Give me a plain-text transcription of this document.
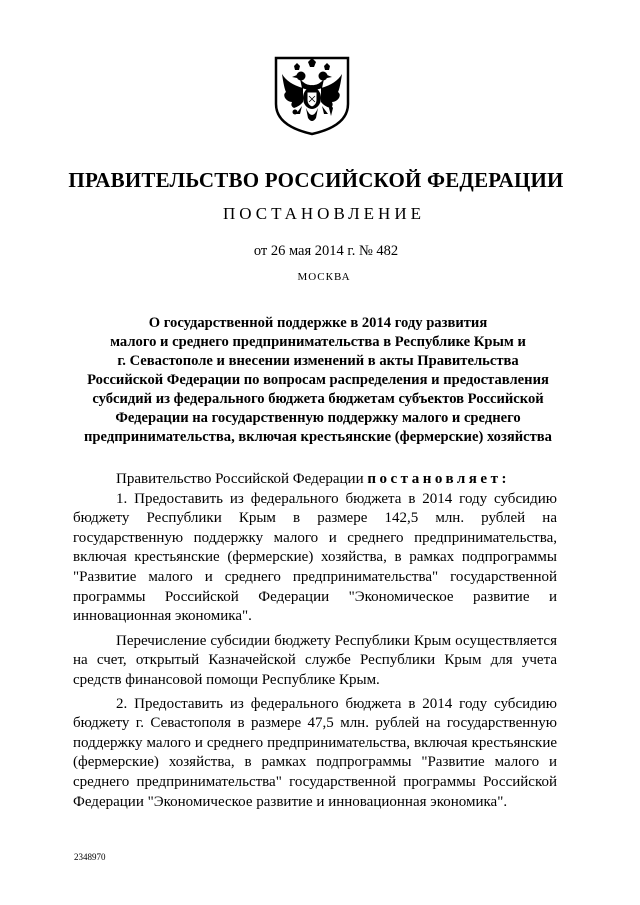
ПРАВИТЕЛЬСТВО РОССИЙСКОЙ ФЕДЕРАЦИИ
ПОСТАНОВЛЕНИЕ
от 26 мая 2014 г. № 482
МОСКВА
О государственной поддержке в 2014 году развития
малого и среднего предпринимательства в Республике Крым и
г. Севастополе и внесении изменений в акты Правительства
Российской Федерации по вопросам распределения и предоставления
субсидий из федерального бюджета бюджетам субъектов Российской
Федерации на государственную поддержку малого и среднего
предпринимательства, включая крестьянские (фермерские) хозяйства
Правительство Российской Федерации постановляет:
1. Предоставить из федерального бюджета в 2014 году субсидию
бюджету Республики Крым в размере 142,5 млн. рублей на
государственную поддержку малого и среднего предпринимательства,
включая крестьянские (фермерские) хозяйства, в рамках подпрограммы
"Развитие малого и среднего предпринимательства" государственной
программы Российской Федерации "Экономическое развитие и
инновационная экономика".
Перечисление субсидии бюджету Республики Крым осуществляется
на счет, открытый Казначейской службе Республики Крым для учета
средств финансовой помощи Республике Крым.
2. Предоставить из федерального бюджета в 2014 году субсидию
бюджету г. Севастополя в размере 47,5 млн. рублей на государственную
поддержку малого и среднего предпринимательства, включая крестьянские
(фермерские) хозяйства, в рамках подпрограммы "Развитие малого и
среднего предпринимательства" государственной программы Российской
Федерации "Экономическое развитие и инновационная экономика".
2348970
